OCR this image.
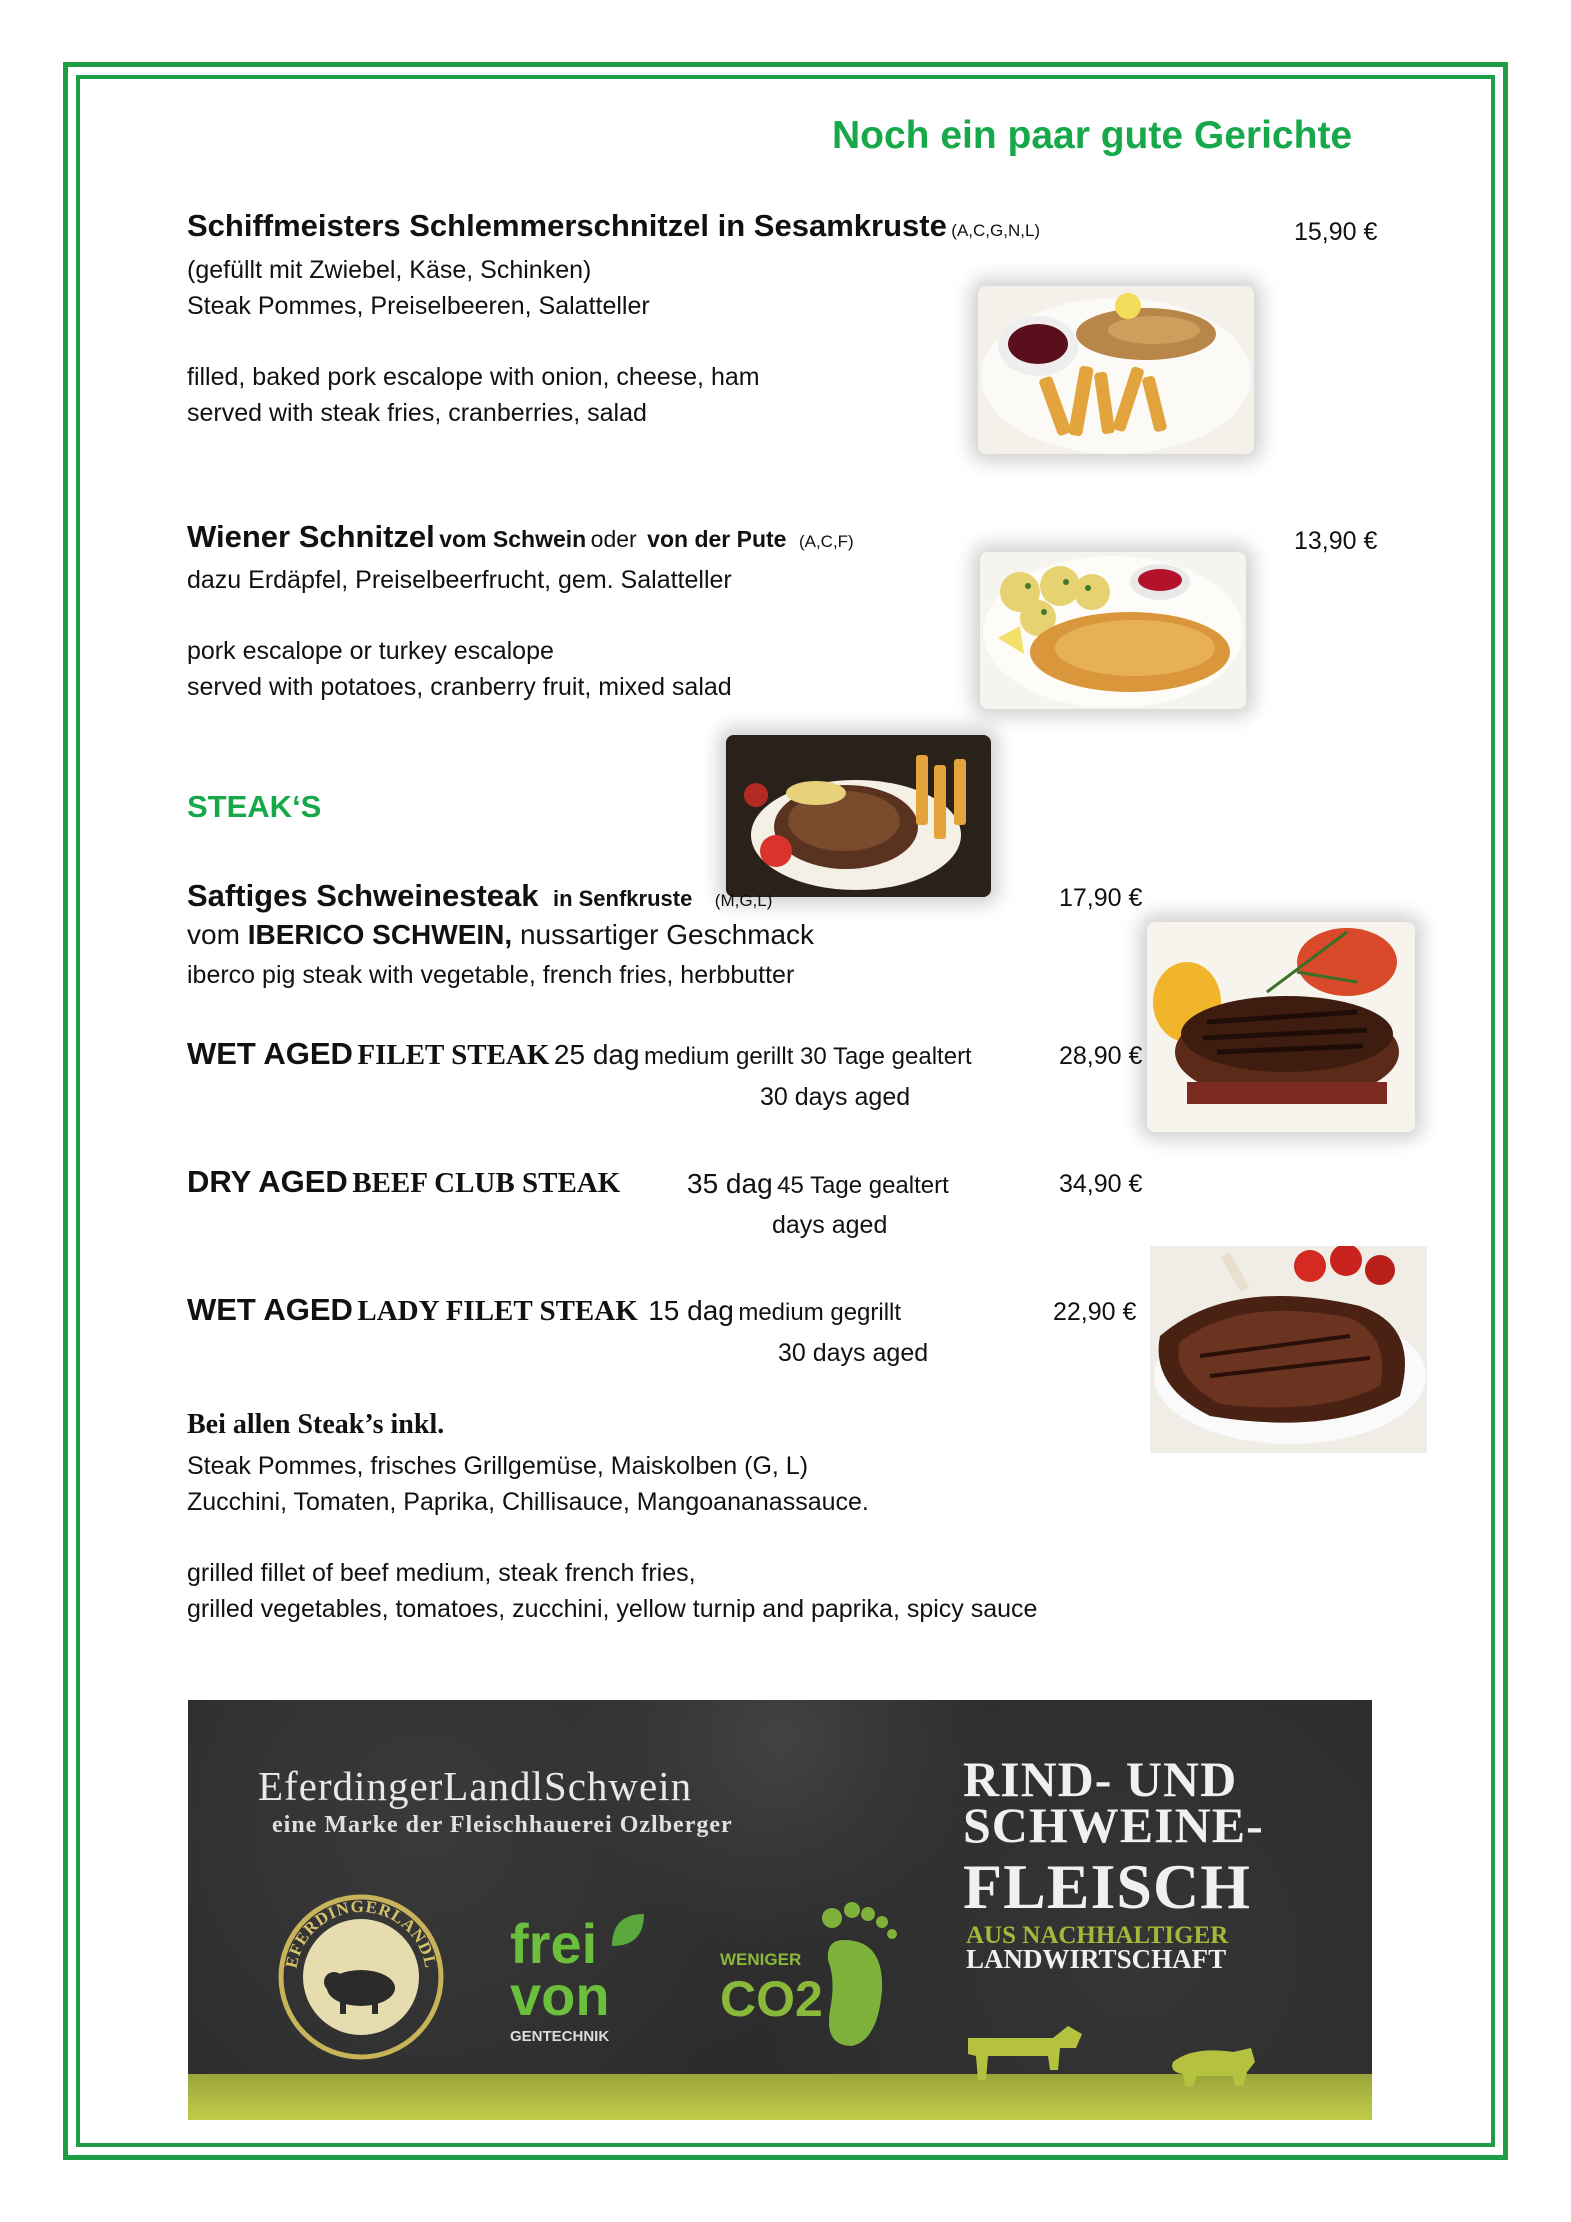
Noch ein paar gute Gerichte
Schiffmeisters Schlemmerschnitzel in Sesamkruste (A,C,G,N,L)	15,90 €
(gefüllt mit Zwiebel, Käse, Schinken)
Steak Pommes, Preiselbeeren, Salatteller
filled, baked pork escalope with onion, cheese, ham
served with steak fries, cranberries, salad
Wiener Schnitzel vom Schwein oder von der Pute (A,C,F)	13,90 €
dazu Erdäpfel, Preiselbeerfrucht, gem. Salatteller
pork escalope or turkey escalope
served with potatoes, cranberry fruit, mixed salad
STEAK‘S
Saftiges Schweinesteak in Senfkruste (M,G,L)	17,90 €
vom IBERICO SCHWEIN, nussartiger Geschmack
iberco pig steak with vegetable, french fries, herbbutter
WET AGED FILET STEAK 25 dag medium gerillt 30 Tage gealtert	28,90 €
30 days aged
DRY AGED BEEF CLUB STEAK 35 dag 45 Tage gealtert	34,90 €
days aged
WET AGED LADY FILET STEAK 15 dag medium gegrillt	22,90 €
30 days aged
Bei allen Steak’s inkl.
Steak Pommes, frisches Grillgemüse, Maiskolben (G, L)
Zucchini, Tomaten, Paprika, Chillisauce, Mangoananassauce.
grilled fillet of beef medium, steak french fries,
grilled vegetables, tomatoes, zucchini, yellow turnip and paprika, spicy sauce
EferdingerLandlSchwein
eine Marke der Fleischhauerei Ozlberger
EFERDINGERLANDL frei
von
GENTECHNIK
WENIGER
CO2
RIND- UND
SCHWEINE-
FLEISCH
AUS NACHHALTIGER
LANDWIRTSCHAFT
